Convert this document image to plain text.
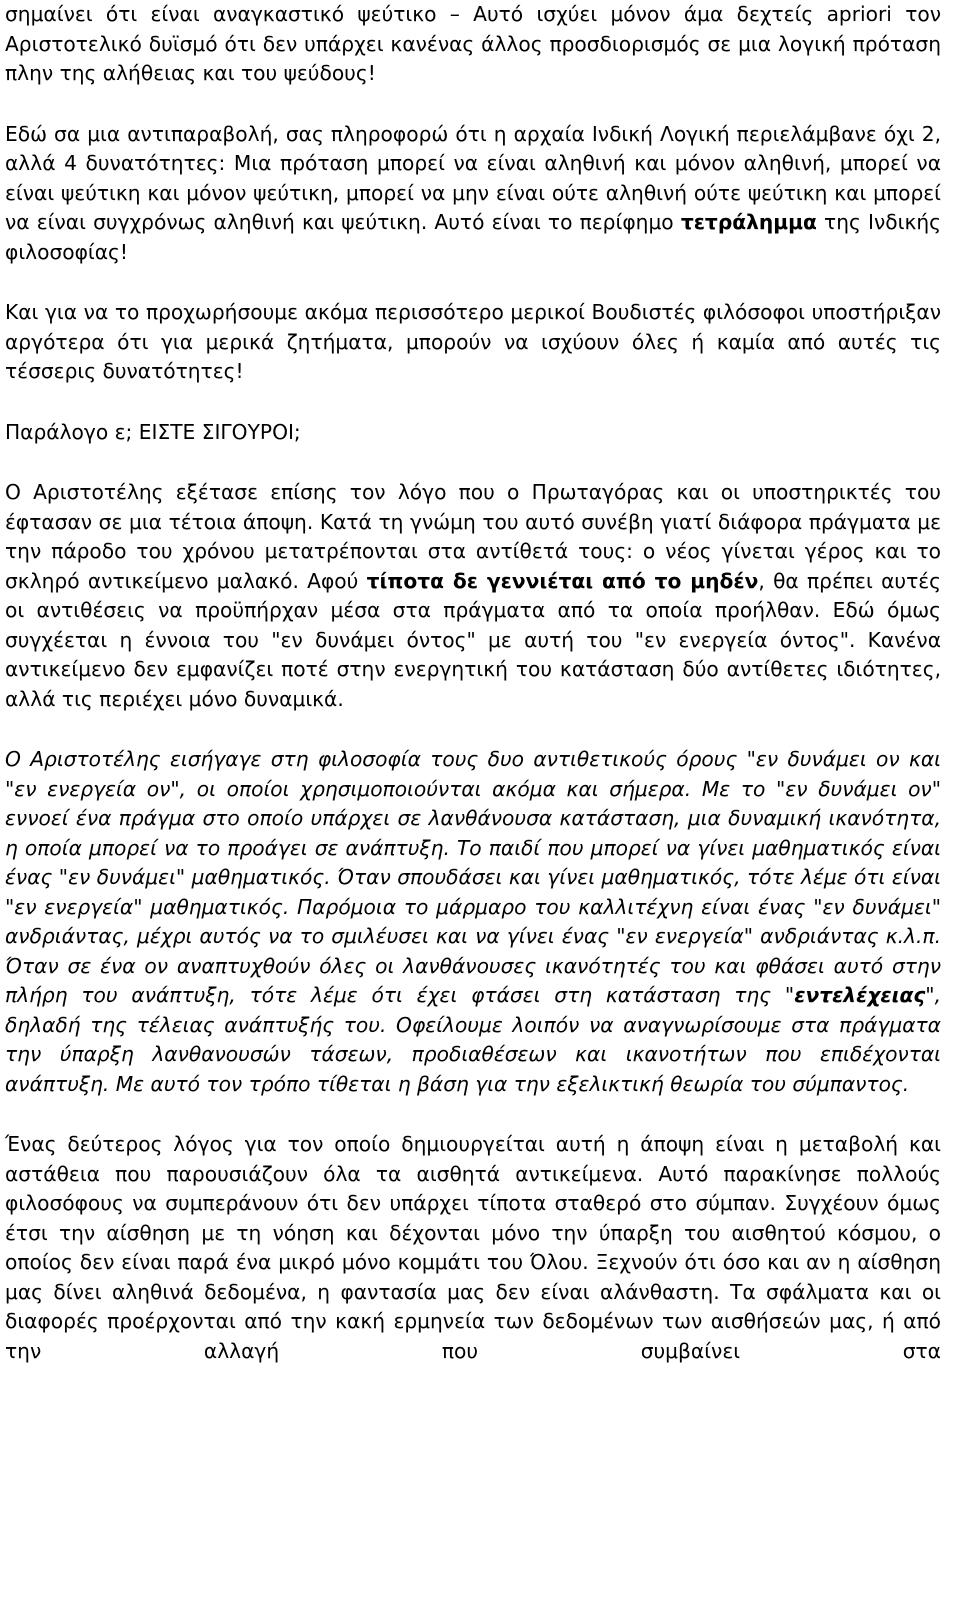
σημαίνει ότι είναι αναγκαστικό ψεύτικο – Αυτό ισχύει μόνον άμα δεχτείς apriori τον Αριστοτελικό δυϊσμό ότι δεν υπάρχει κανένας άλλος προσδιορισμός σε μια λογική πρόταση πλην της αλήθειας και του ψεύδους!

Εδώ σα μια αντιπαραβολή, σας πληροφορώ ότι η αρχαία Ινδική Λογική περιελάμβανε όχι 2, αλλά 4 δυνατότητες: Μια πρόταση μπορεί να είναι αληθινή και μόνον αληθινή, μπορεί να είναι ψεύτικη και μόνον ψεύτικη, μπορεί να μην είναι ούτε αληθινή ούτε ψεύτικη και μπορεί να είναι συγχρόνως αληθινή και ψεύτικη. Αυτό είναι το περίφημο τετράλημμα της Ινδικής φιλοσοφίας!

Και για να το προχωρήσουμε ακόμα περισσότερο μερικοί Βουδιστές φιλόσοφοι υποστήριξαν αργότερα ότι για μερικά ζητήματα, μπορούν να ισχύουν όλες ή καμία από αυτές τις τέσσερις δυνατότητες!

Παράλογο ε; ΕΙΣΤΕ ΣΙΓΟΥΡΟΙ;

Ο Αριστοτέλης εξέτασε επίσης τον λόγο που ο Πρωταγόρας και οι υποστηρικτές του έφτασαν σε μια τέτοια άποψη. Κατά τη γνώμη του αυτό συνέβη γιατί διάφορα πράγματα με την πάροδο του χρόνου μετατρέπονται στα αντίθετά τους: ο νέος γίνεται γέρος και το σκληρό αντικείμενο μαλακό. Αφού τίποτα δε γεννιέται από το μηδέν, θα πρέπει αυτές οι αντιθέσεις να προϋπήρχαν μέσα στα πράγματα από τα οποία προήλθαν. Εδώ όμως συγχέεται η έννοια του "εν δυνάμει όντος" με αυτή του "εν ενεργεία όντος". Κανένα αντικείμενο δεν εμφανίζει ποτέ στην ενεργητική του κατάσταση δύο αντίθετες ιδιότητες, αλλά τις περιέχει μόνο δυναμικά.

Ο Αριστοτέλης εισήγαγε στη φιλοσοφία τους δυο αντιθετικούς όρους "εν δυνάμει ον και "εν ενεργεία ον", οι οποίοι χρησιμοποιούνται ακόμα και σήμερα. Με το "εν δυνάμει ον" εννοεί ένα πράγμα στο οποίο υπάρχει σε λανθάνουσα κατάσταση, μια δυναμική ικανότητα, η οποία μπορεί να το προάγει σε ανάπτυξη. Το παιδί που μπορεί να γίνει μαθηματικός είναι ένας "εν δυνάμει" μαθηματικός. Όταν σπουδάσει και γίνει μαθηματικός, τότε λέμε ότι είναι "εν ενεργεία" μαθηματικός. Παρόμοια το μάρμαρο του καλλιτέχνη είναι ένας "εν δυνάμει" ανδριάντας, μέχρι αυτός να το σμιλέυσει και να γίνει ένας "εν ενεργεία" ανδριάντας κ.λ.π. Όταν σε ένα ον αναπτυχθούν όλες οι λανθάνουσες ικανότητές του και φθάσει αυτό στην πλήρη του ανάπτυξη, τότε λέμε ότι έχει φτάσει στη κατάσταση της "εντελέχειας", δηλαδή της τέλειας ανάπτυξής του. Οφείλουμε λοιπόν να αναγνωρίσουμε στα πράγματα την ύπαρξη λανθανουσών τάσεων, προδιαθέσεων και ικανοτήτων που επιδέχονται ανάπτυξη. Με αυτό τον τρόπο τίθεται η βάση για την εξελικτική θεωρία του σύμπαντος.

Ένας δεύτερος λόγος για τον οποίο δημιουργείται αυτή η άποψη είναι η μεταβολή και αστάθεια που παρουσιάζουν όλα τα αισθητά αντικείμενα. Αυτό παρακίνησε πολλούς φιλοσόφους να συμπεράνουν ότι δεν υπάρχει τίποτα σταθερό στο σύμπαν. Συγχέουν όμως έτσι την αίσθηση με τη νόηση και δέχονται μόνο την ύπαρξη του αισθητού κόσμου, ο οποίος δεν είναι παρά ένα μικρό μόνο κομμάτι του Όλου. Ξεχνούν ότι όσο και αν η αίσθηση μας δίνει αληθινά δεδομένα, η φαντασία μας δεν είναι αλάνθαστη. Τα σφάλματα και οι διαφορές προέρχονται από την κακή ερμηνεία των δεδομένων των αισθήσεών μας, ή από την αλλαγή που συμβαίνει στα
